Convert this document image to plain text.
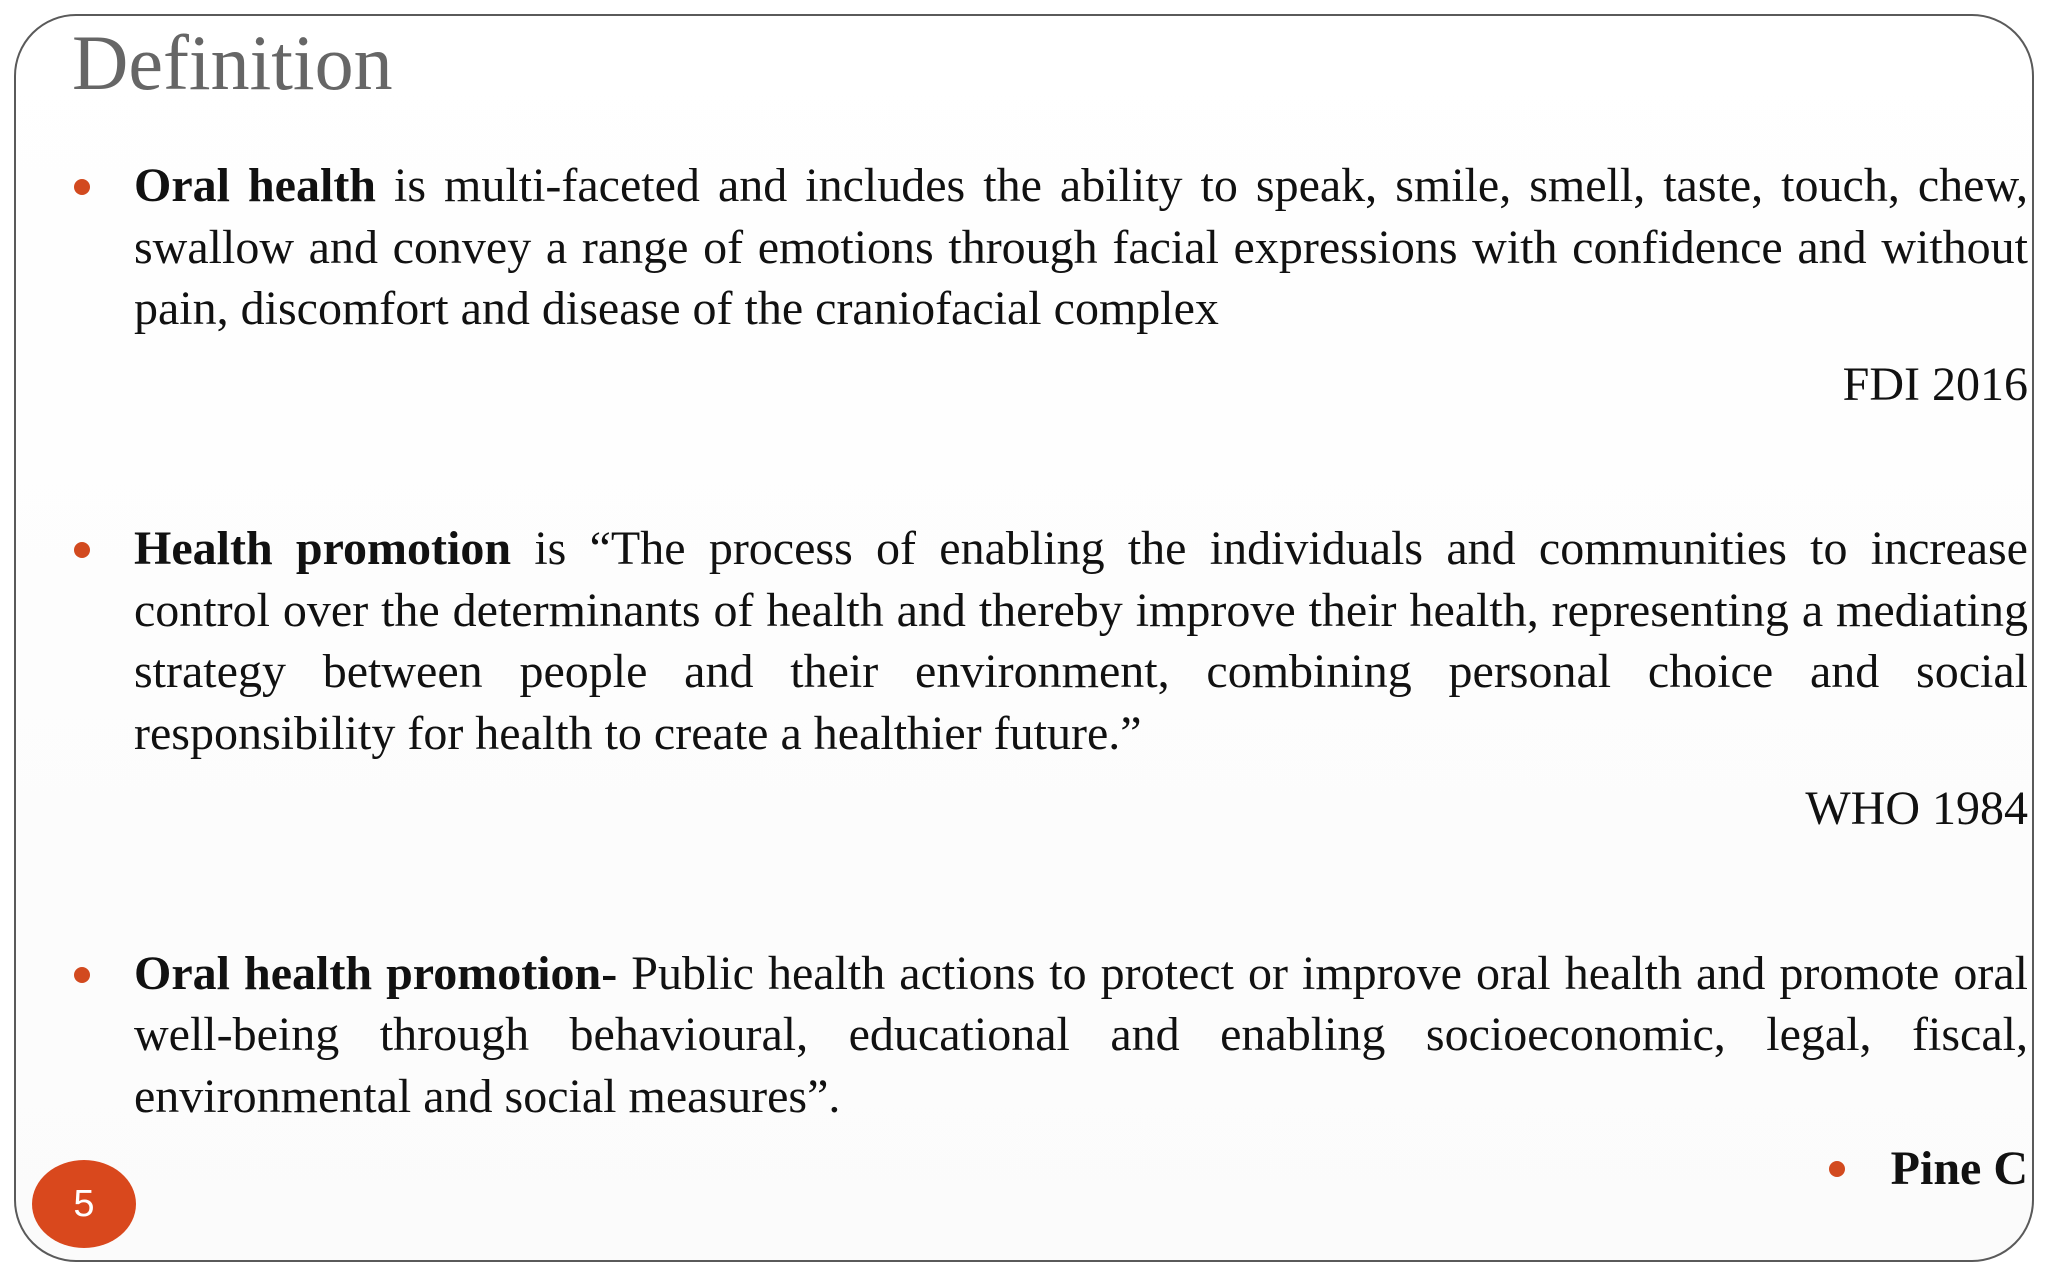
Definition
Oral health is multi-faceted and includes the ability to speak, smile, smell, taste, touch, chew, swallow and convey a range of emotions through facial expressions with confidence and without pain, discomfort and disease of the craniofacial complex
FDI 2016
Health promotion is “The process of enabling the individuals and communities to increase control over the determinants of health and thereby improve their health, representing a mediating strategy between people and their environment, combining personal choice and social responsibility for health to create a healthier future.”
WHO 1984
Oral health promotion- Public health actions to protect or improve oral health and promote oral well-being through behavioural, educational and enabling socioeconomic, legal, fiscal, environmental and social measures”.
Pine C
5
